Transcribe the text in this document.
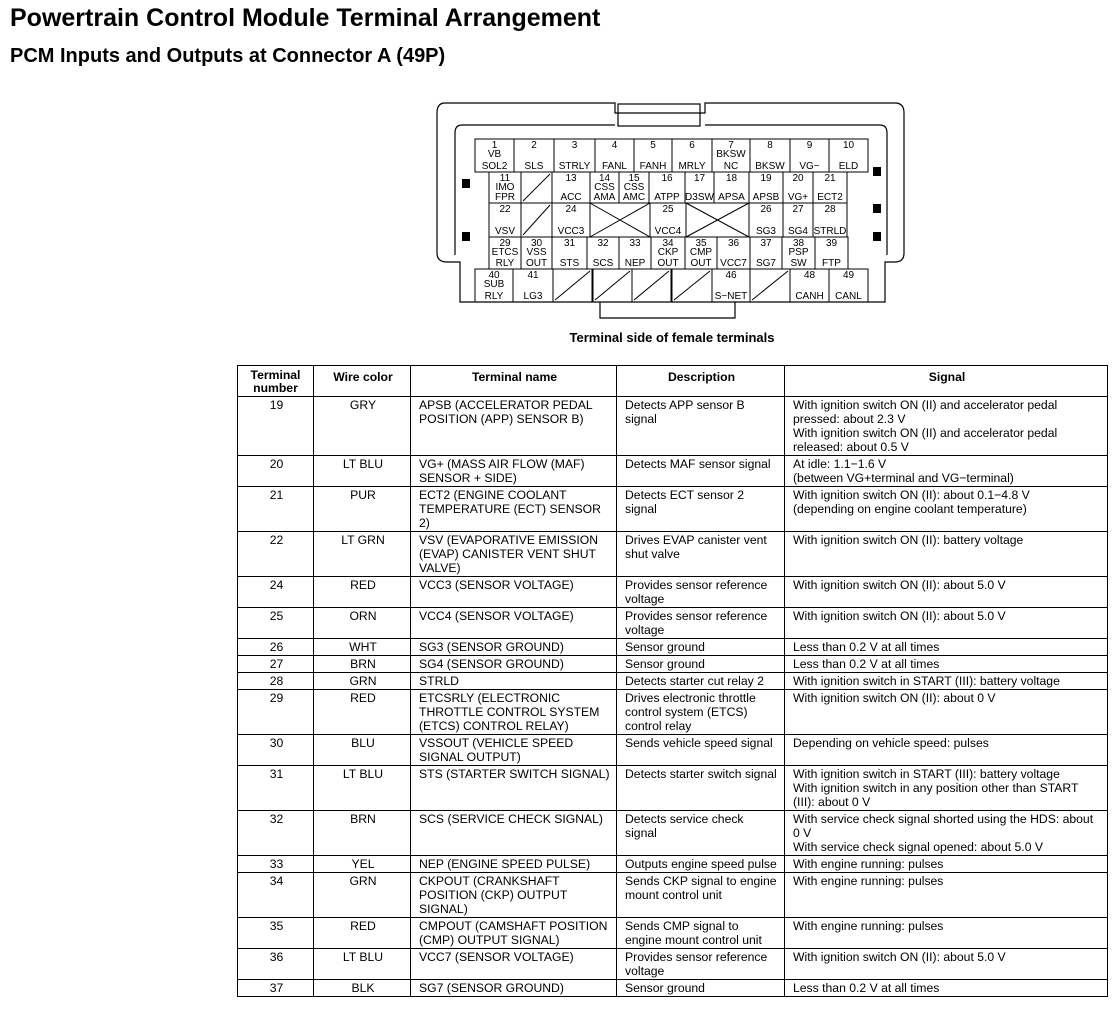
Powertrain Control Module Terminal Arrangement
PCM Inputs and Outputs at Connector A (49P)
1
VB
SOL2
2
SLS
3
STRLY
4
FANL
5
FANH
6
MRLY
7
BKSW
NC
8
BKSW
9
VG−
10
ELD
11
IMO
FPR
13
ACC
14
CSS
AMA
15
CSS
AMC
16
ATPP
17
D3SW
18
APSA
19
APSB
20
VG+
21
ECT2
22
VSV
24
VCC3
25
VCC4
26
SG3
27
SG4
28
STRLD
29
ETCS
RLY
30
VSS
OUT
31
STS
32
SCS
33
NEP
34
CKP
OUT
35
CMP
OUT
36
VCC7
37
SG7
38
PSP
SW
39
FTP
40
SUB
RLY
41
LG3
46
S−NET
48
CANH
49
CANL
Terminal side of female terminals
Terminal number	Wire color	Terminal name	Description	Signal
19	GRY	APSB (ACCELERATOR PEDAL POSITION (APP) SENSOR B)	Detects APP sensor B signal	With ignition switch ON (II) and accelerator pedal pressed: about 2.3 V
With ignition switch ON (II) and accelerator pedal released: about 0.5 V

20	LT BLU	VG+ (MASS AIR FLOW (MAF) SENSOR + SIDE)	Detects MAF sensor signal	At idle: 1.1−1.6 V
(between VG+terminal and VG−terminal)

21	PUR	ECT2 (ENGINE COOLANT TEMPERATURE (ECT) SENSOR 2)	Detects ECT sensor 2 signal	With ignition switch ON (II): about 0.1−4.8 V
(depending on engine coolant temperature)

22	LT GRN	VSV (EVAPORATIVE EMISSION (EVAP) CANISTER VENT SHUT VALVE)	Drives EVAP canister vent shut valve	With ignition switch ON (II): battery voltage

24	RED	VCC3 (SENSOR VOLTAGE)	Provides sensor reference voltage	With ignition switch ON (II): about 5.0 V

25	ORN	VCC4 (SENSOR VOLTAGE)	Provides sensor reference voltage	With ignition switch ON (II): about 5.0 V

26	WHT	SG3 (SENSOR GROUND)	Sensor ground	Less than 0.2 V at all times

27	BRN	SG4 (SENSOR GROUND)	Sensor ground	Less than 0.2 V at all times

28	GRN	STRLD	Detects starter cut relay 2	With ignition switch in START (III): battery voltage

29	RED	ETCSRLY (ELECTRONIC THROTTLE CONTROL SYSTEM (ETCS) CONTROL RELAY)	Drives electronic throttle control system (ETCS) control relay	With ignition switch ON (II): about 0 V

30	BLU	VSSOUT (VEHICLE SPEED SIGNAL OUTPUT)	Sends vehicle speed signal	Depending on vehicle speed: pulses

31	LT BLU	STS (STARTER SWITCH SIGNAL)	Detects starter switch signal	With ignition switch in START (III): battery voltage
With ignition switch in any position other than START (III): about 0 V

32	BRN	SCS (SERVICE CHECK SIGNAL)	Detects service check signal	With service check signal shorted using the HDS: about 0 V
With service check signal opened: about 5.0 V

33	YEL	NEP (ENGINE SPEED PULSE)	Outputs engine speed pulse	With engine running: pulses

34	GRN	CKPOUT (CRANKSHAFT POSITION (CKP) OUTPUT SIGNAL)	Sends CKP signal to engine mount control unit	With engine running: pulses

35	RED	CMPOUT (CAMSHAFT POSITION (CMP) OUTPUT SIGNAL)	Sends CMP signal to engine mount control unit	With engine running: pulses

36	LT BLU	VCC7 (SENSOR VOLTAGE)	Provides sensor reference voltage	With ignition switch ON (II): about 5.0 V

37	BLK	SG7 (SENSOR GROUND)	Sensor ground	Less than 0.2 V at all times
